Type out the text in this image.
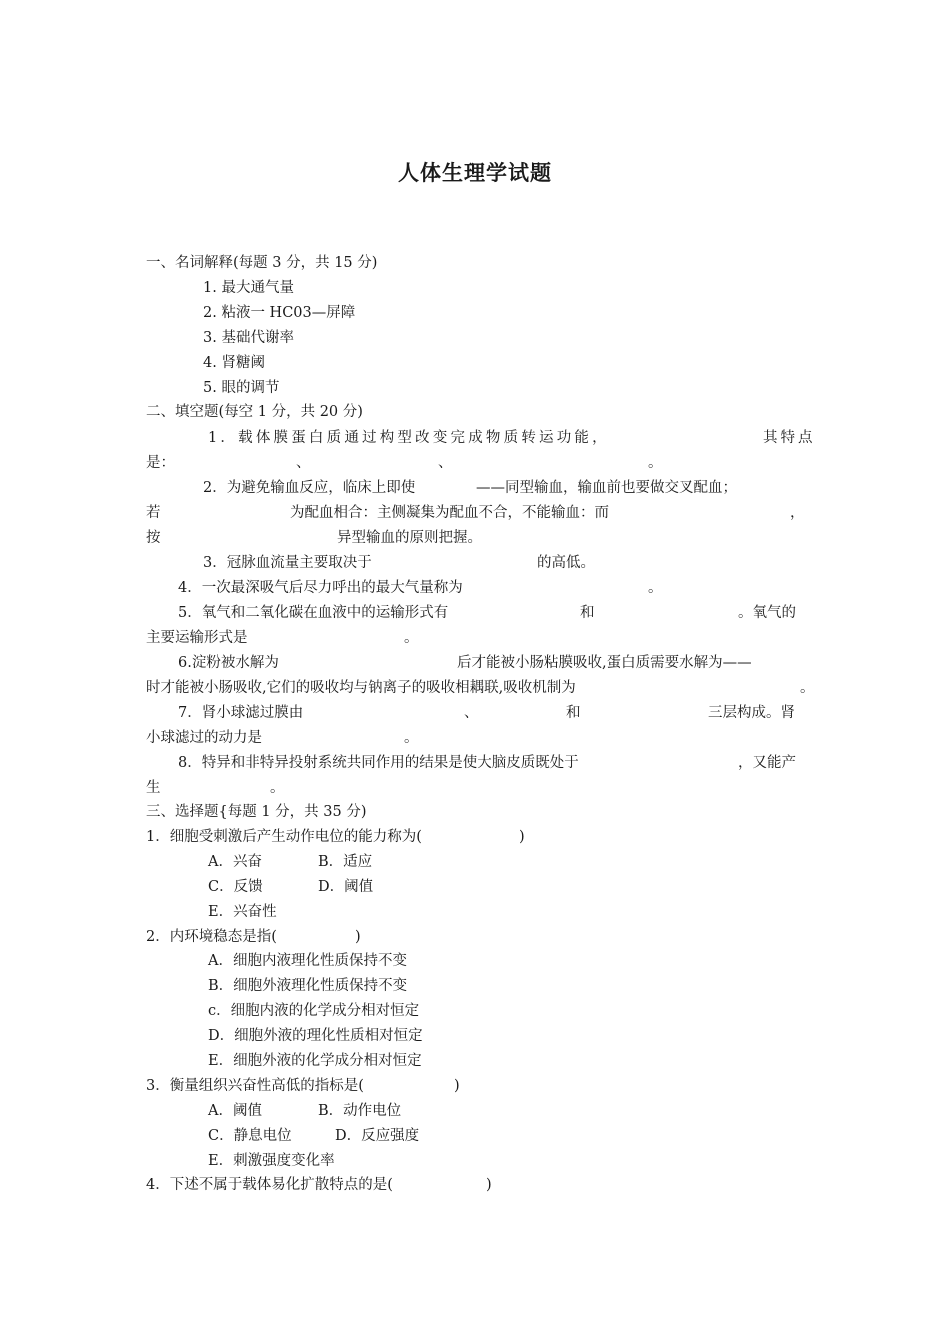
人体生理学试题
一、名词解释(每题 3 分，共 15 分)
1. 最大通气量
2. 粘液一 HC03—屏障
3. 基础代谢率
4. 肾糖阈
5. 眼的调节
二、填空题(每空 1 分，共 20 分)
1．载体膜蛋白质通过构型改变完成物质转运功能，	其特点
是：	、	、	。
2．为避免输血反应，临床上即使	——同型输血，输血前也要做交叉配血；
若	为配血相合：主侧凝集为配血不合，不能输血：而	，
按	异型输血的原则把握。
3．冠脉血流量主要取决于	的高低。
4．一次最深吸气后尽力呼出的最大气量称为	。
5．氧气和二氧化碳在血液中的运输形式有	和	。氧气的
主要运输形式是	。
6.淀粉被水解为	后才能被小肠粘膜吸收,蛋白质需要水解为——
时才能被小肠吸收,它们的吸收均与钠离子的吸收相耦联,吸收机制为	。
7．肾小球滤过膜由	、	和	三层构成。肾
小球滤过的动力是	。
8．特异和非特异投射系统共同作用的结果是使大脑皮质既处于	，又能产
生	。
三、选择题{每题 1 分，共 35 分)
1．细胞受刺激后产生动作电位的能力称为(	)
A．兴奋	B．适应
C．反馈	D．阈值
E．兴奋性
2．内环境稳态是指(	)
A．细胞内液理化性质保持不变
B．细胞外液理化性质保持不变
c．细胞内液的化学成分相对恒定
D．细胞外液的理化性质相对恒定
E．细胞外液的化学成分相对恒定
3．衡量组织兴奋性高低的指标是(	)
A．阈值	B．动作电位
C．静息电位	D．反应强度
E．刺激强度变化率
4．下述不属于载体易化扩散特点的是(	)
